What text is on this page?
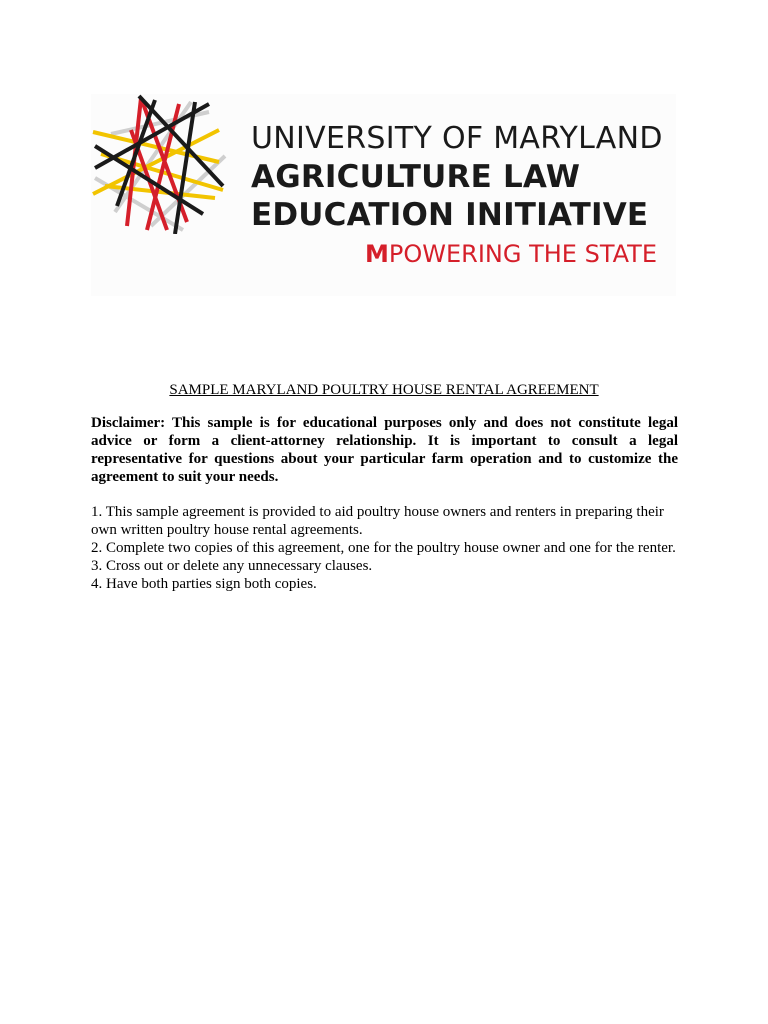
UNIVERSITY OF MARYLAND

AGRICULTURE LAW

EDUCATION INITIATIVE

MPOWERING THE STATE

SAMPLE MARYLAND POULTRY HOUSE RENTAL AGREEMENT

Disclaimer: This sample is for educational purposes only and does not constitute legal advice or form a client-attorney relationship. It is important to consult a legal representative for questions about your particular farm operation and to customize the agreement to suit your needs.

1. This sample agreement is provided to aid poultry house owners and renters in preparing their own written poultry house rental agreements.
2. Complete two copies of this agreement, one for the poultry house owner and one for the renter.
3. Cross out or delete any unnecessary clauses.
4. Have both parties sign both copies.
